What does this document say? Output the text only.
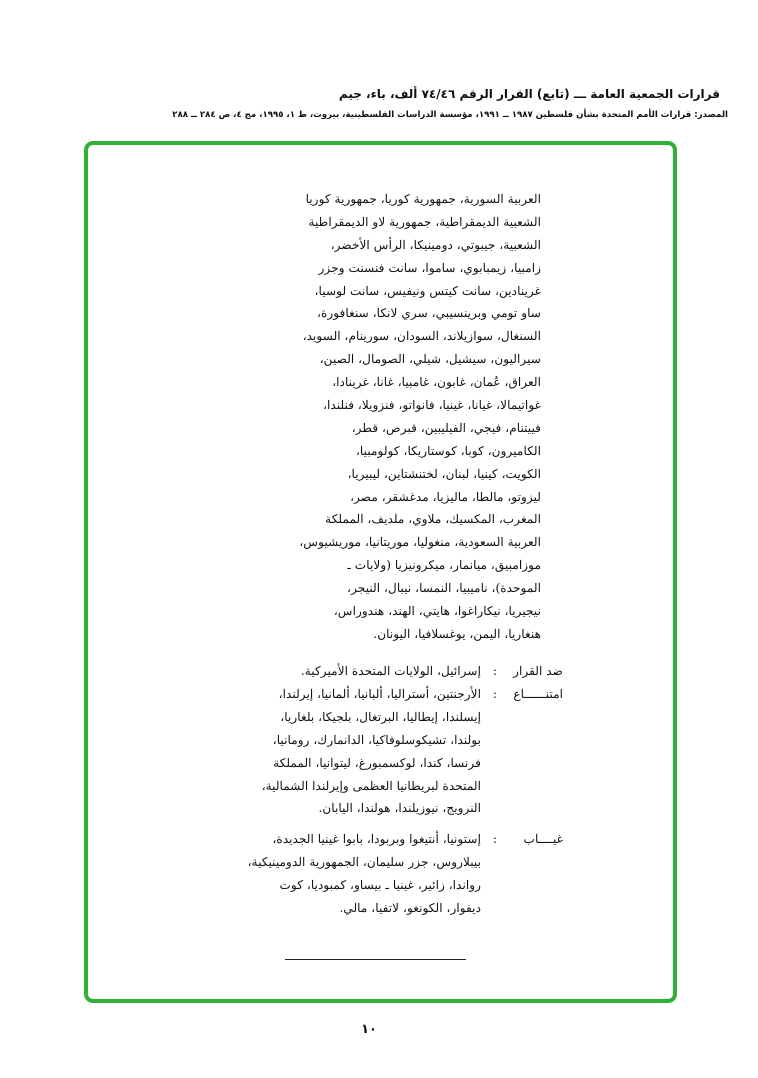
قرارات الجمعية العامة ـــ (تابع) القرار الرقم ٧٤/٤٦ ألف، باء، جيم
المصدر: قرارات الأمم المتحدة بشأن فلسطين ١٩٨٧ ــ ١٩٩١، مؤسسة الدراسات الفلسطينية، بيروت، ط ١، ١٩٩٥، مج ٤، ص ٢٨٤ ــ ٢٨٨
العربية السورية، جمهورية كوريا، جمهورية كوريا
الشعبية الديمقراطية، جمهورية لاو الديمقراطية
الشعبية، جيبوتي، دومينيكا، الرأس الأخضر،
زامبيا، زيمبابوي، ساموا، سانت فنسنت وجزر
غرينادين، سانت كيتس ونيفيس، سانت لوسيا،
ساو تومي وبرينسيبي، سري لانكا، سنغافورة،
السنغال، سوازيلاند، السودان، سورينام، السويد،
سيراليون، سيشيل، شيلي، الصومال، الصين،
العراق، عُمان، غابون، غامبيا، غانا، غرينادا،
غواتيمالا، غيانا، غينيا، فانواتو، فنزويلا، فنلندا،
فييتنام، فيجي، الفيليبين، قبرص، قطر،
الكاميرون، كوبا، كوستاريكا، كولومبيا،
الكويت، كينيا، لبنان، لختنشتاين، ليبيريا،
ليزوتو، مالطا، ماليزيا، مدغشقر، مصر،
المغرب، المكسيك، ملاوي، ملديف، المملكة
العربية السعودية، منغوليا، موريتانيا، موريشيوس،
موزامبيق، ميانمار، ميكرونيزيا (ولايات ـ
الموحدة)، ناميبيا، النمسا، نيبال، النيجر،
نيجيريا، نيكاراغوا، هايتي، الهند، هندوراس،
هنغاريا، اليمن، يوغسلافيا، اليونان.
ضد القرار
:
إسرائيل، الولايات المتحدة الأميركية.
امتنــــــاع
:
الأرجنتين، أستراليا، ألبانيا، ألمانيا، إيرلندا،
إيسلندا، إيطاليا، البرتغال، بلجيكا، بلغاريا،
بولندا، تشيكوسلوفاكيا، الدانمارك، رومانيا،
فرنسا، كندا، لوكسمبورغ، ليتوانيا، المملكة
المتحدة لبريطانيا العظمى وإيرلندا الشمالية،
النرويج، نيوزيلندا، هولندا، اليابان.
غيــــاب
:
إستونيا، أنتيغوا وبربودا، بابوا غينيا الجديدة،
بيبلاروس، جزر سليمان، الجمهورية الدومينيكية،
رواندا، زائير، غينيا ـ بيساو، كمبوديا، كوت
ديفوار، الكونغو، لاتفيا، مالي.
١٠
